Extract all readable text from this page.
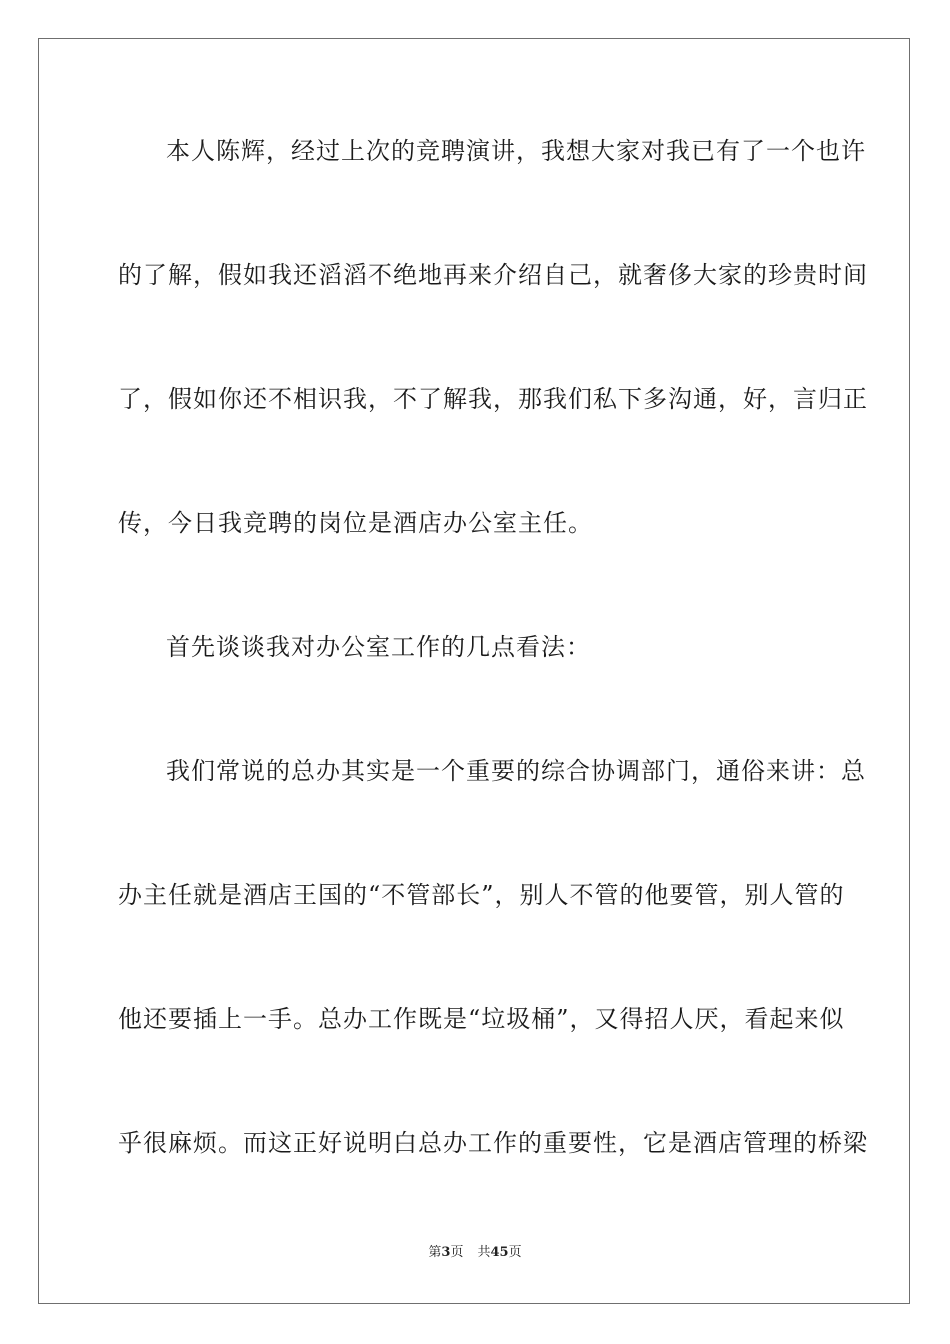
本人陈辉，经过上次的竞聘演讲，我想大家对我已有了一个也许
的了解，假如我还滔滔不绝地再来介绍自己，就奢侈大家的珍贵时间
了，假如你还不相识我，不了解我，那我们私下多沟通，好，言归正
传，今日我竞聘的岗位是酒店办公室主任。
首先谈谈我对办公室工作的几点看法：
我们常说的总办其实是一个重要的综合协调部门，通俗来讲：总
办主任就是酒店王国的“不管部长”，别人不管的他要管，别人管的
他还要插上一手。总办工作既是“垃圾桶”，又得招人厌，看起来似
乎很麻烦。而这正好说明白总办工作的重要性，它是酒店管理的桥梁
第3页 共45页
